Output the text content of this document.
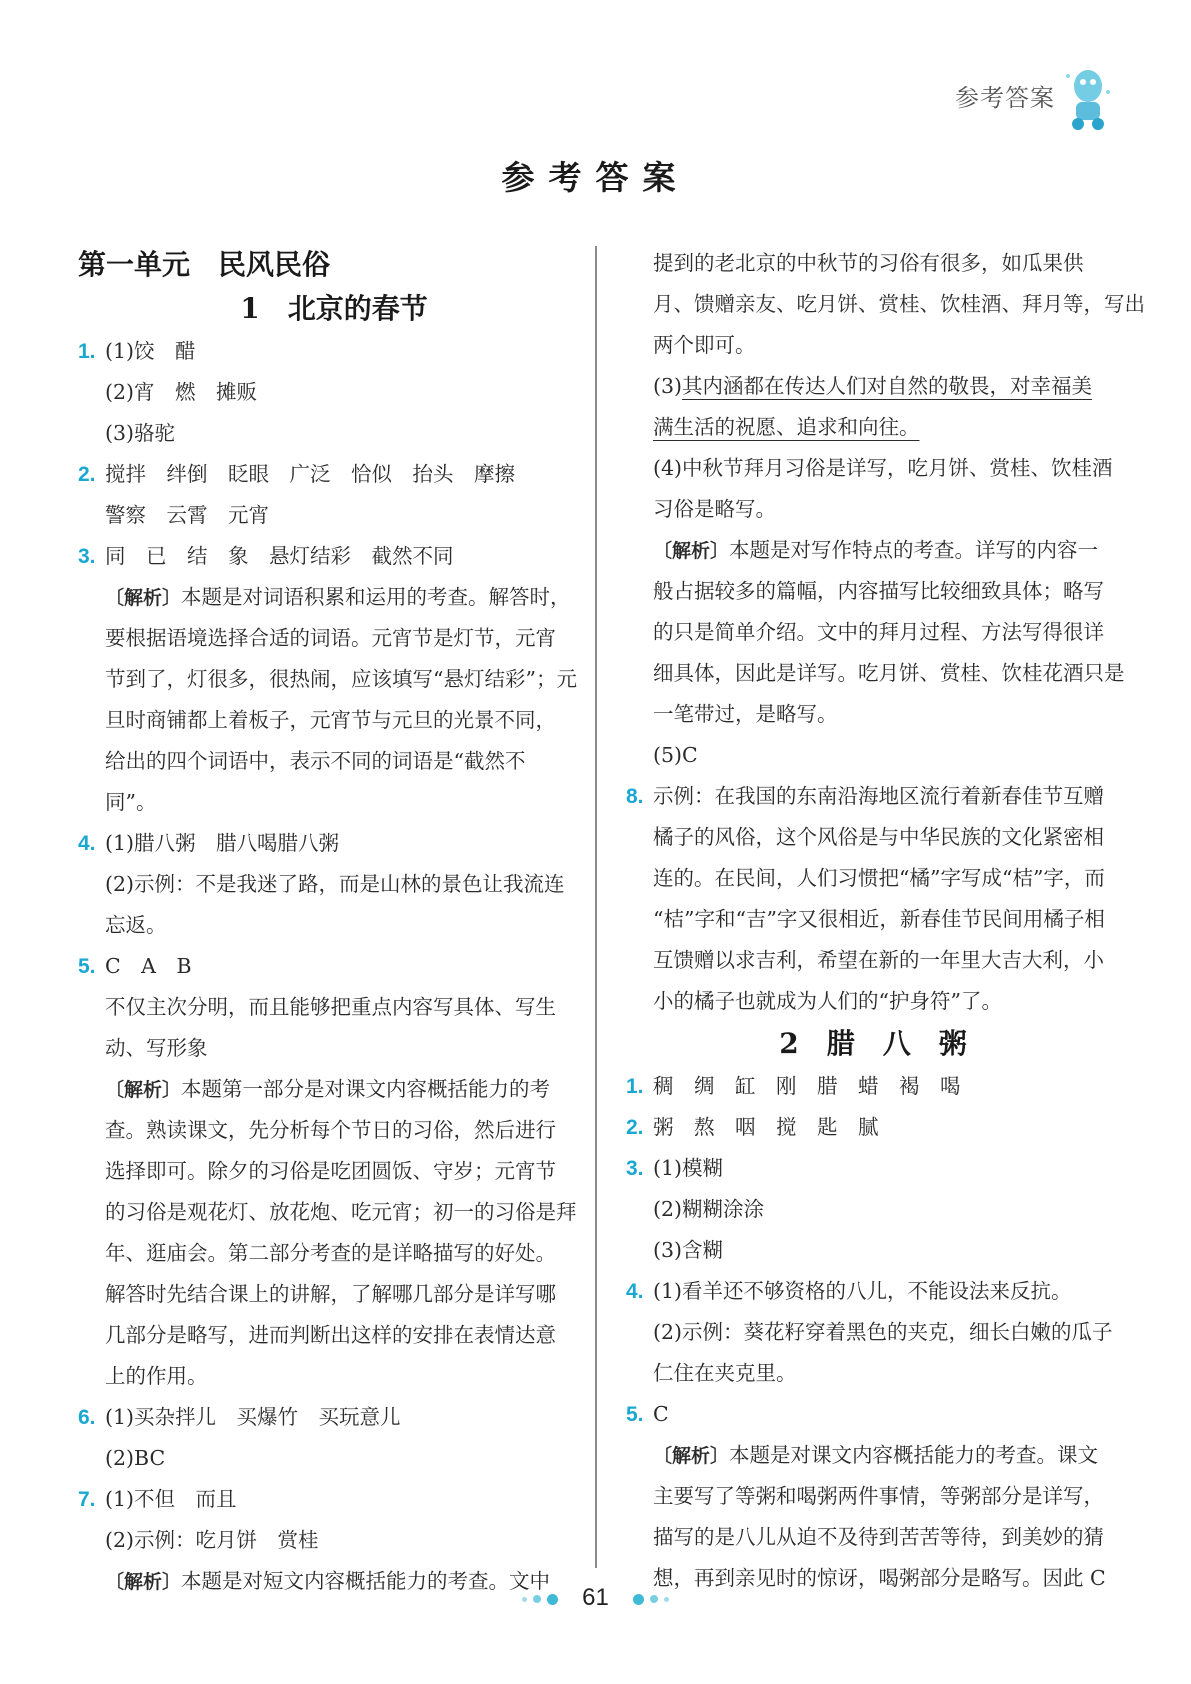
参考答案
参考答案
第一单元　民风民俗
1　北京的春节
1. (1)饺　醋
(2)宵　燃　摊贩
(3)骆驼
2. 搅拌　绊倒　眨眼　广泛　恰似　抬头　摩擦
警察　云霄　元宵
3. 同　已　结　象　悬灯结彩　截然不同
〔解析〕本题是对词语积累和运用的考查。解答时，
要根据语境选择合适的词语。元宵节是灯节，元宵
节到了，灯很多，很热闹，应该填写“悬灯结彩”；元
旦时商铺都上着板子，元宵节与元旦的光景不同，
给出的四个词语中，表示不同的词语是“截然不
同”。
4. (1)腊八粥　腊八喝腊八粥
(2)示例：不是我迷了路，而是山林的景色让我流连
忘返。
5. C　A　B
不仅主次分明，而且能够把重点内容写具体、写生
动、写形象
〔解析〕本题第一部分是对课文内容概括能力的考
查。熟读课文，先分析每个节日的习俗，然后进行
选择即可。除夕的习俗是吃团圆饭、守岁；元宵节
的习俗是观花灯、放花炮、吃元宵；初一的习俗是拜
年、逛庙会。第二部分考查的是详略描写的好处。
解答时先结合课上的讲解，了解哪几部分是详写哪
几部分是略写，进而判断出这样的安排在表情达意
上的作用。
6. (1)买杂拌儿　买爆竹　买玩意儿
(2)BC
7. (1)不但　而且
(2)示例：吃月饼　赏桂
〔解析〕本题是对短文内容概括能力的考查。文中
提到的老北京的中秋节的习俗有很多，如瓜果供
月、馈赠亲友、吃月饼、赏桂、饮桂酒、拜月等，写出
两个即可。
(3)其内涵都在传达人们对自然的敬畏，对幸福美
满生活的祝愿、追求和向往。
(4)中秋节拜月习俗是详写，吃月饼、赏桂、饮桂酒
习俗是略写。
〔解析〕本题是对写作特点的考查。详写的内容一
般占据较多的篇幅，内容描写比较细致具体；略写
的只是简单介绍。文中的拜月过程、方法写得很详
细具体，因此是详写。吃月饼、赏桂、饮桂花酒只是
一笔带过，是略写。
(5)C
8. 示例：在我国的东南沿海地区流行着新春佳节互赠
橘子的风俗，这个风俗是与中华民族的文化紧密相
连的。在民间，人们习惯把“橘”字写成“桔”字，而
“桔”字和“吉”字又很相近，新春佳节民间用橘子相
互馈赠以求吉利，希望在新的一年里大吉大利，小
小的橘子也就成为人们的“护身符”了。
2　腊　八　粥
1. 稠　绸　缸　刚　腊　蜡　褐　喝
2. 粥　熬　咽　搅　匙　腻
3. (1)模糊
(2)糊糊涂涂
(3)含糊
4. (1)看羊还不够资格的八儿，不能设法来反抗。
(2)示例：葵花籽穿着黑色的夹克，细长白嫩的瓜子
仁住在夹克里。
5. C
〔解析〕本题是对课文内容概括能力的考查。课文
主要写了等粥和喝粥两件事情，等粥部分是详写，
描写的是八儿从迫不及待到苦苦等待，到美妙的猜
想，再到亲见时的惊讶，喝粥部分是略写。因此 C
61
